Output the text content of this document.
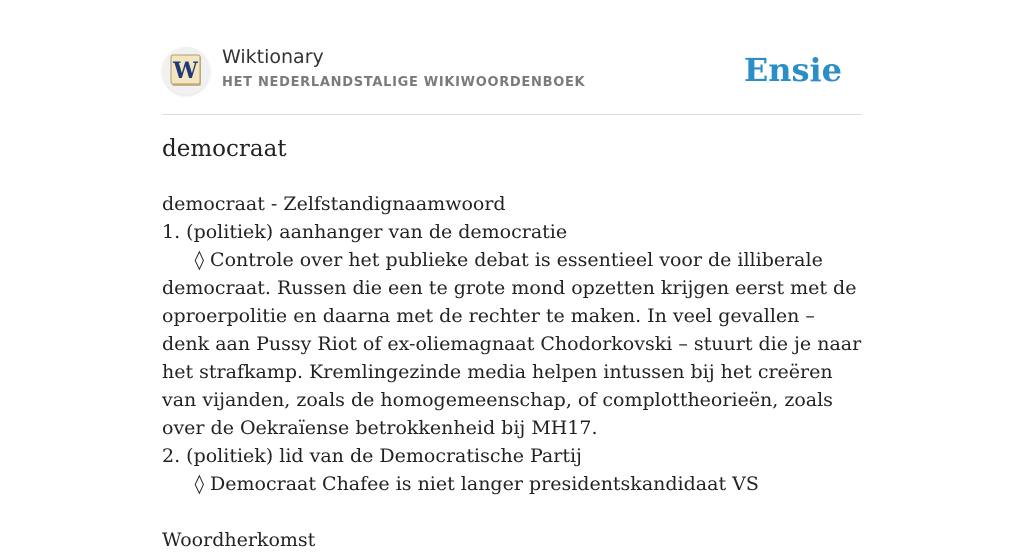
W
Wiktionary
HET NEDERLANDSTALIGE WIKIWOORDENBOEK	Ensie
democraat
democraat - Zelfstandignaamwoord
1. (politiek) aanhanger van de democratie
◊ Controle over het publieke debat is essentieel voor de illiberale democraat. Russen die een te grote mond opzetten krijgen eerst met de oproerpolitie en daarna met de rechter te maken. In veel gevallen – denk aan Pussy Riot of ex-oliemagnaat Chodorkovski – stuurt die je naar het strafkamp. Kremlingezinde media helpen intussen bij het creëren van vijanden, zoals de homogemeenschap, of complottheorieën, zoals over de Oekraïense betrokkenheid bij MH17.
2. (politiek) lid van de Democratische Partij
◊ Democraat Chafee is niet langer presidentskandidaat VS
Woordherkomst
